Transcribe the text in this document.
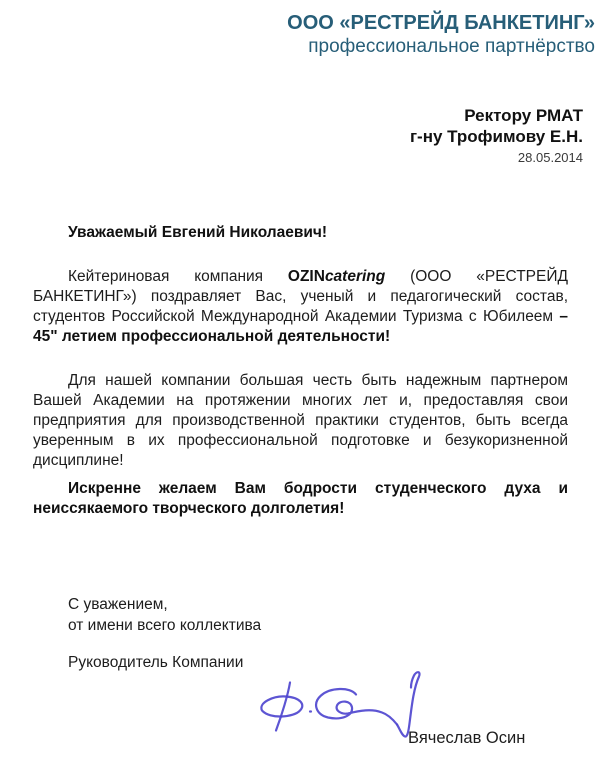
ООО «РЕСТРЕЙД БАНКЕТИНГ»
профессиональное партнёрство
Ректору РМАТ
г-ну Трофимову Е.Н.
28.05.2014

Уважаемый Евгений Николаевич!

Кейтериновая компания OZINcatering (ООО «РЕСТРЕЙД БАНКЕТИНГ») поздравляет Вас, ученый и педагогический состав, студентов Российской Международной Академии Туризма с Юбилеем – 45" летием профессиональной деятельности!

Для нашей компании большая честь быть надежным партнером Вашей Академии на протяжении многих лет и, предоставляя свои предприятия для производственной практики студентов, быть всегда уверенным в их профессиональной подготовке и безукоризненной дисциплине!

Искренне желаем Вам бодрости студенческого духа и неиссякаемого творческого долголетия!

С уважением,
от имени всего коллектива
Руководитель Компании
Вячеслав Осин
